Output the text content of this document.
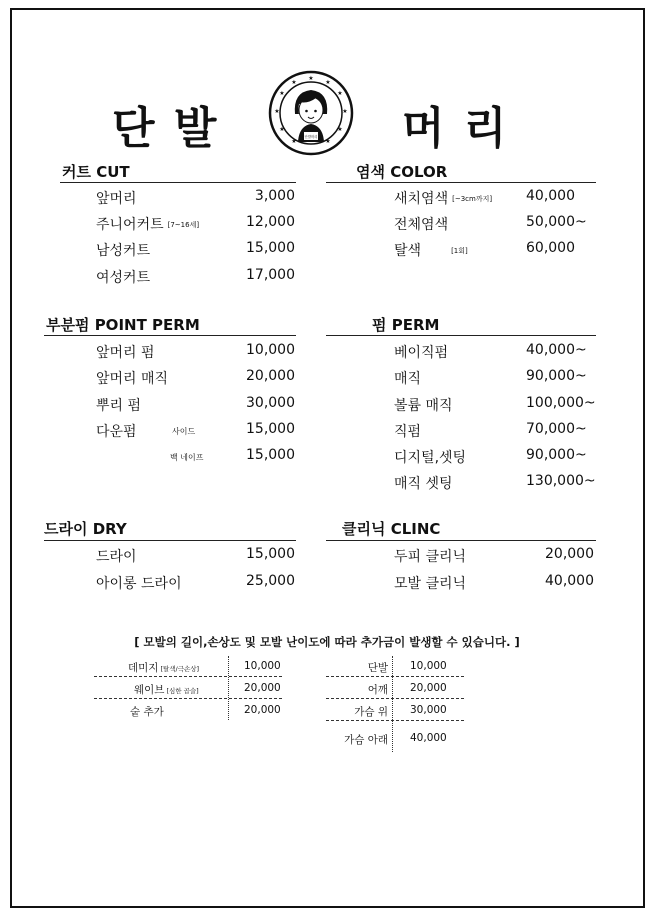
단 발	머 리
★
★
★
★
★
★
★
★
★
★
★
단발머리
커트 CUT
앞머리	3,000
주니어커트 [7~16세]	12,000
남성커트	15,000
여성커트	17,000
염색 COLOR
새치염색 [~3cm까지] 40,000
전체염색	50,000~
탈색	[1회]	60,000
부분펌 POINT PERM
앞머리 펌	10,000
앞머리 매직	20,000
뿌리 펌	30,000
다운펌	사이드	15,000
백 네이프	15,000
펌 PERM
베이직펌	40,000~
매직	90,000~
볼륨 매직	100,000~
직펌	70,000~
디지털,셋팅	90,000~
매직 셋팅	130,000~
드라이 DRY
드라이	15,000
아이롱 드라이	25,000
클리닉 CLINC
두피 클리닉	20,000
모발 클리닉	40,000
[ 모발의 길이,손상도 및 모발 난이도에 따라 추가금이 발생할 수 있습니다. ]
데미지 [탈색/극손상]	10,000
웨이브 [심한 곱슬]	20,000
숱 추가	20,000
단발 10,000
어깨 20,000
가슴 위 30,000
가슴 아래 40,000
